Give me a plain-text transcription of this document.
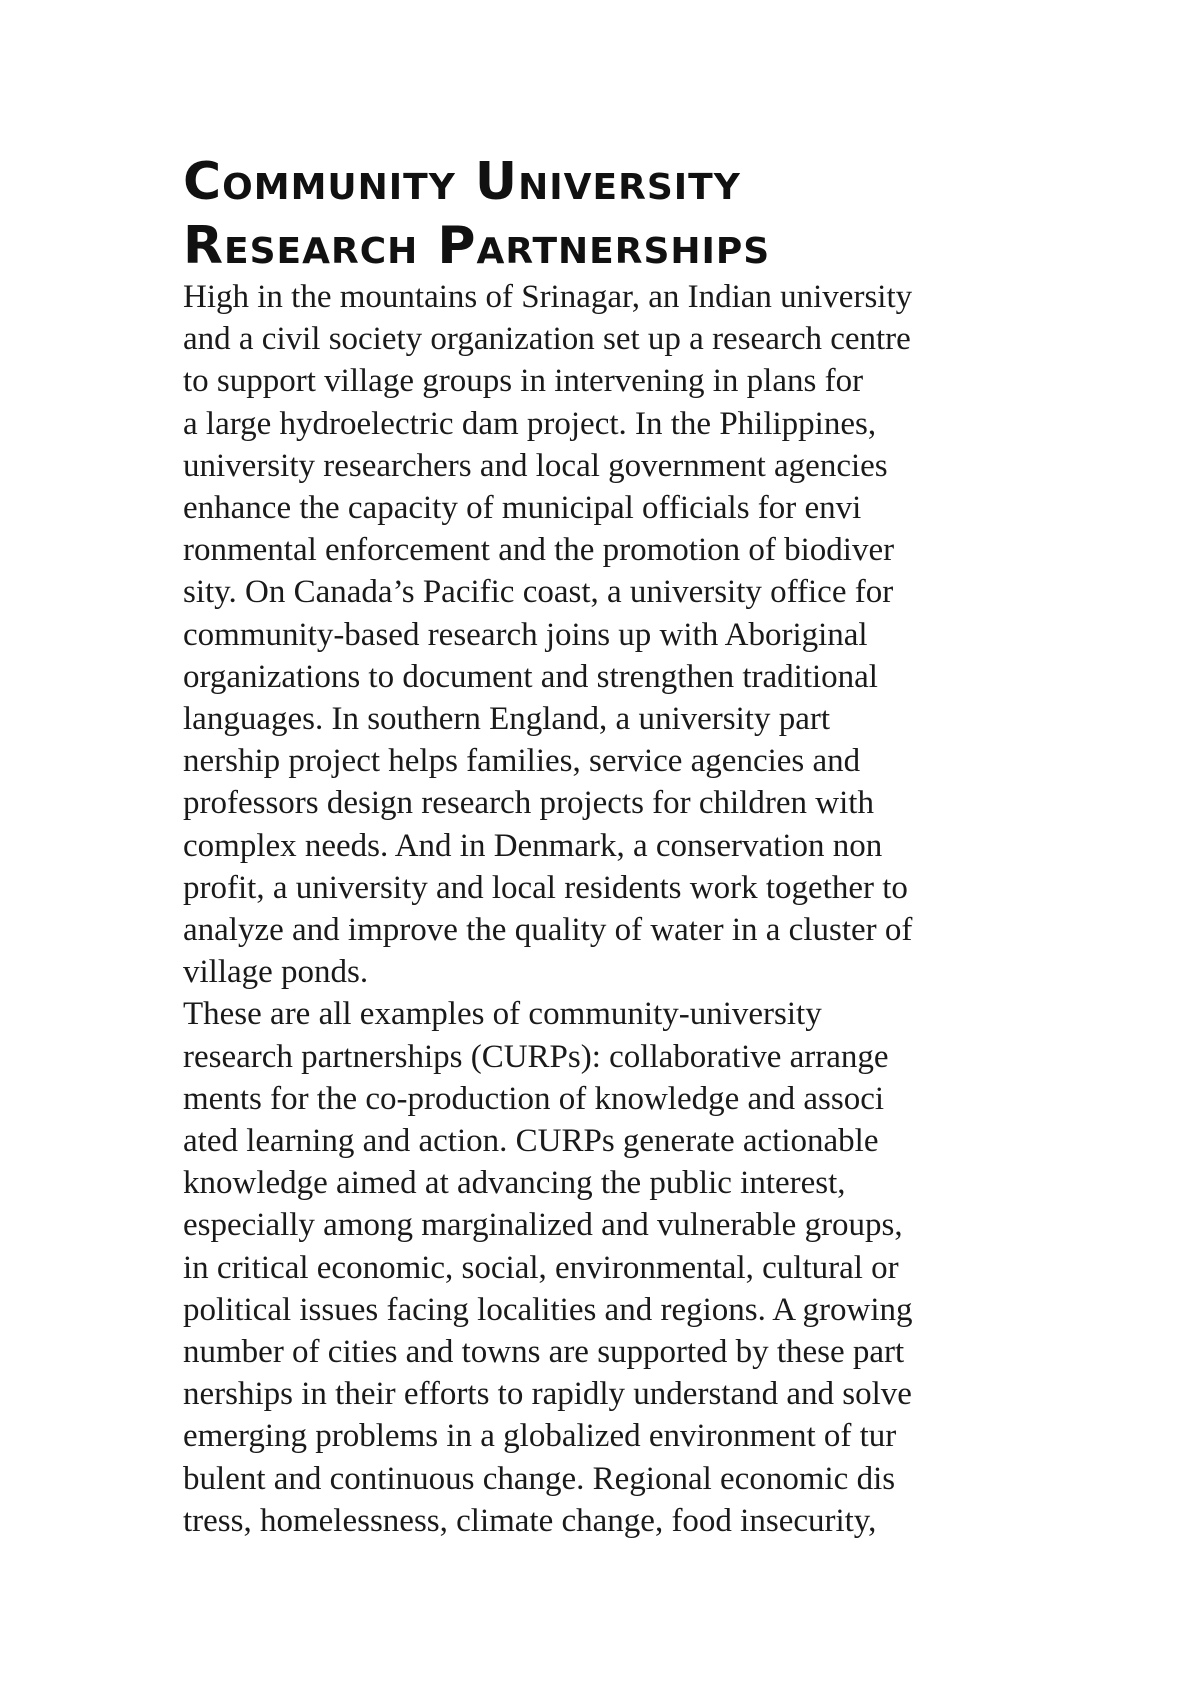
Community University
Research Partnerships
High in the mountains of Srinagar, an Indian university
and a civil society organization set up a research centre
to support village groups in intervening in plans for
a large hydroelectric dam project. In the Philippines,
university researchers and local government agencies
enhance the capacity of municipal officials for envi
ronmental enforcement and the promotion of biodiver
sity. On Canada’s Pacific coast, a university office for
community-based research joins up with Aboriginal
organizations to document and strengthen traditional
languages. In southern England, a university part
nership project helps families, service agencies and
professors design research projects for children with
complex needs. And in Denmark, a conservation non
profit, a university and local residents work together to
analyze and improve the quality of water in a cluster of
village ponds.
These are all examples of community-university
research partnerships (CURPs): collaborative arrange
ments for the co-production of knowledge and associ
ated learning and action. CURPs generate actionable
knowledge aimed at advancing the public interest,
especially among marginalized and vulnerable groups,
in critical economic, social, environmental, cultural or
political issues facing localities and regions. A growing
number of cities and towns are supported by these part
nerships in their efforts to rapidly understand and solve
emerging problems in a globalized environment of tur
bulent and continuous change. Regional economic dis
tress, homelessness, climate change, food insecurity,
